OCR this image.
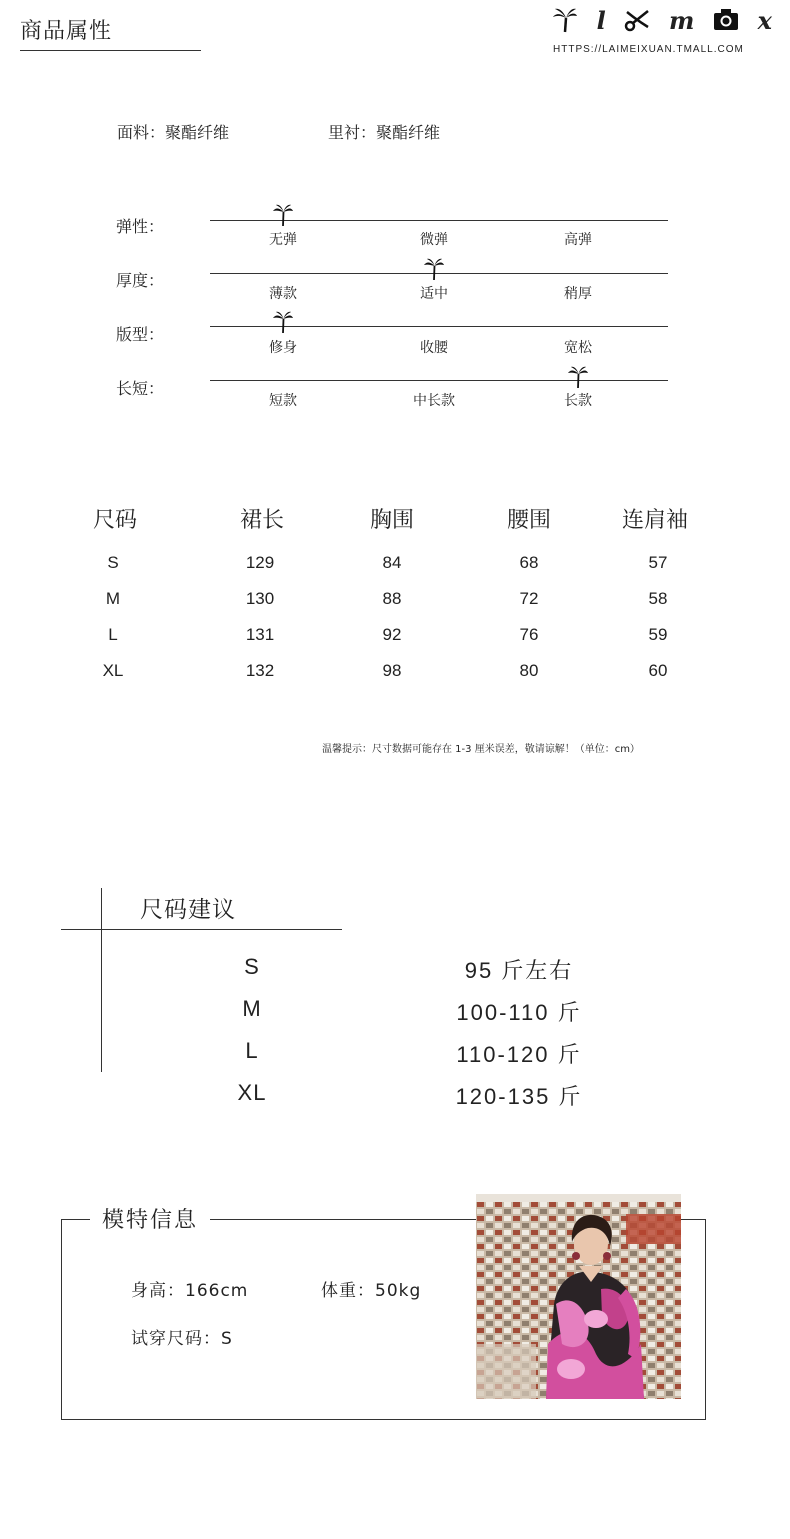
商品属性	l	m	x
HTTPS://LAIMEIXUAN.TMALL.COM
面料：聚酯纤维	里衬：聚酯纤维
弹性：
无弹	微弹	高弹
厚度：
薄款	适中	稍厚
版型：
修身	收腰	宽松
长短：
短款	中长款	长款
尺码	裙长	胸围	腰围	连肩袖
S	129	84	68	57
M	130	88	72	58
L	131	92	76	59
XL	132	98	80	60
温馨提示：尺寸数据可能存在 1-3 厘米误差，敬请谅解！（单位：cm）
尺码建议
S	95 斤左右
M	100-110 斤
L	110-120 斤
XL	120-135 斤
模特信息
身高：166cm	体重：50kg
试穿尺码：S
